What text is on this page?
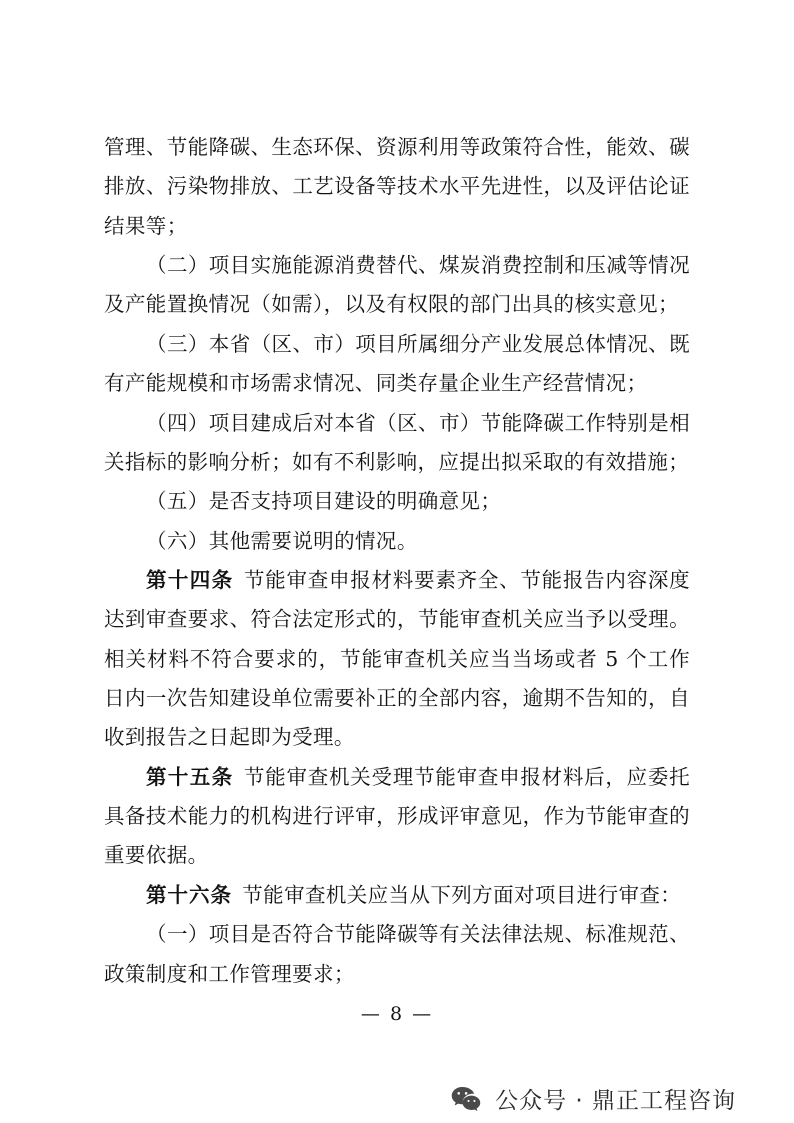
管理、节能降碳、生态环保、资源利用等政策符合性，能效、碳排放、污染物排放、工艺设备等技术水平先进性，以及评估论证结果等；

（二）项目实施能源消费替代、煤炭消费控制和压减等情况及产能置换情况（如需），以及有权限的部门出具的核实意见；

（三）本省（区、市）项目所属细分产业发展总体情况、既有产能规模和市场需求情况、同类存量企业生产经营情况；

（四）项目建成后对本省（区、市）节能降碳工作特别是相关指标的影响分析；如有不利影响，应提出拟采取的有效措施；

（五）是否支持项目建设的明确意见；

（六）其他需要说明的情况。

第十四条 节能审查申报材料要素齐全、节能报告内容深度达到审查要求、符合法定形式的，节能审查机关应当予以受理。相关材料不符合要求的，节能审查机关应当当场或者 5 个工作日内一次告知建设单位需要补正的全部内容，逾期不告知的，自收到报告之日起即为受理。

第十五条 节能审查机关受理节能审查申报材料后，应委托具备技术能力的机构进行评审，形成评审意见，作为节能审查的重要依据。

第十六条 节能审查机关应当从下列方面对项目进行审查：

（一）项目是否符合节能降碳等有关法律法规、标准规范、政策制度和工作管理要求；

— 8 —
公众号 · 鼎正工程咨询
